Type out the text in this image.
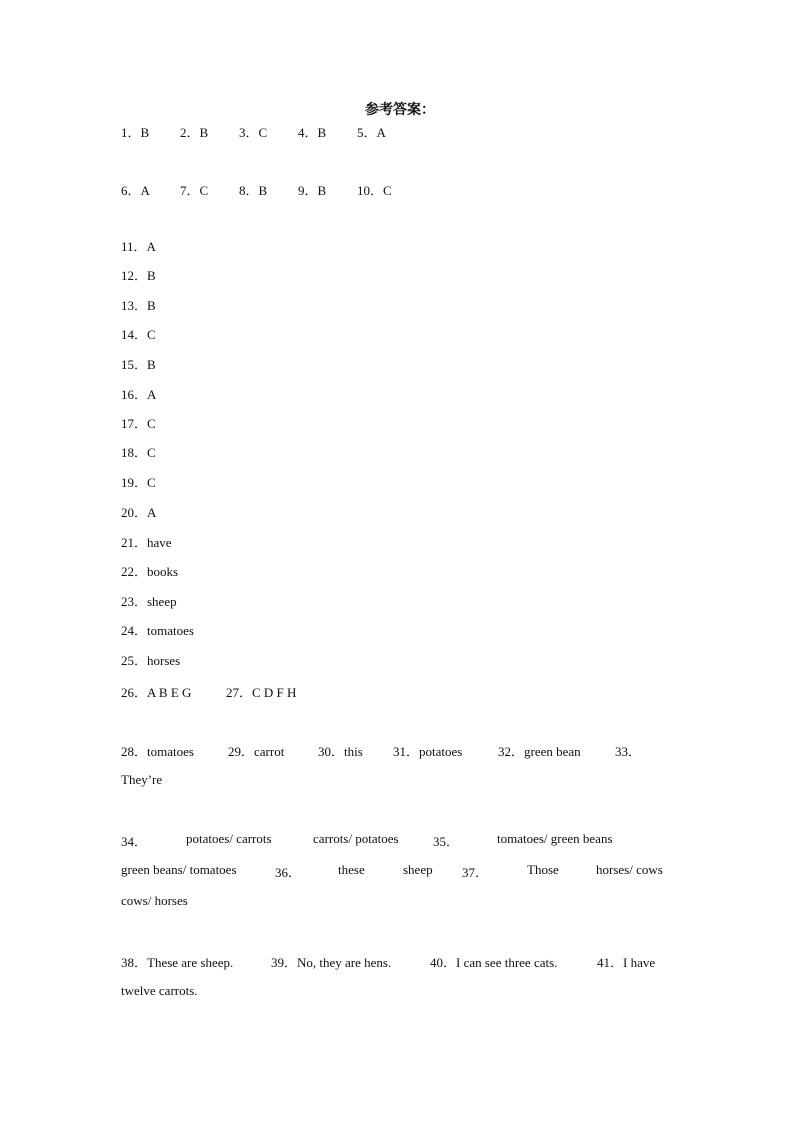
参考答案：
1．B 2．B 3．C 4．B 5．A
6．A 7．C 8．B 9．B 10．C
11．A
12．B
13．B
14．C
15．B
16．A
17．C
18．C
19．C
20．A
21．have
22．books
23．sheep
24．tomatoes
25．horses
26．A B E G	27．C D F H
28．tomatoes	29．carrot	30．this 31．potatoes	32．green bean	33．
They’re
34．	potatoes/ carrots	carrots/ potatoes	35．	tomatoes/ green beans
green beans/ tomatoes	36．	these	sheep 37．	Those	horses/ cows
cows/ horses
38．These are sheep.	39．No, they are hens.	40．I can see three cats.	41．I have
twelve carrots.
